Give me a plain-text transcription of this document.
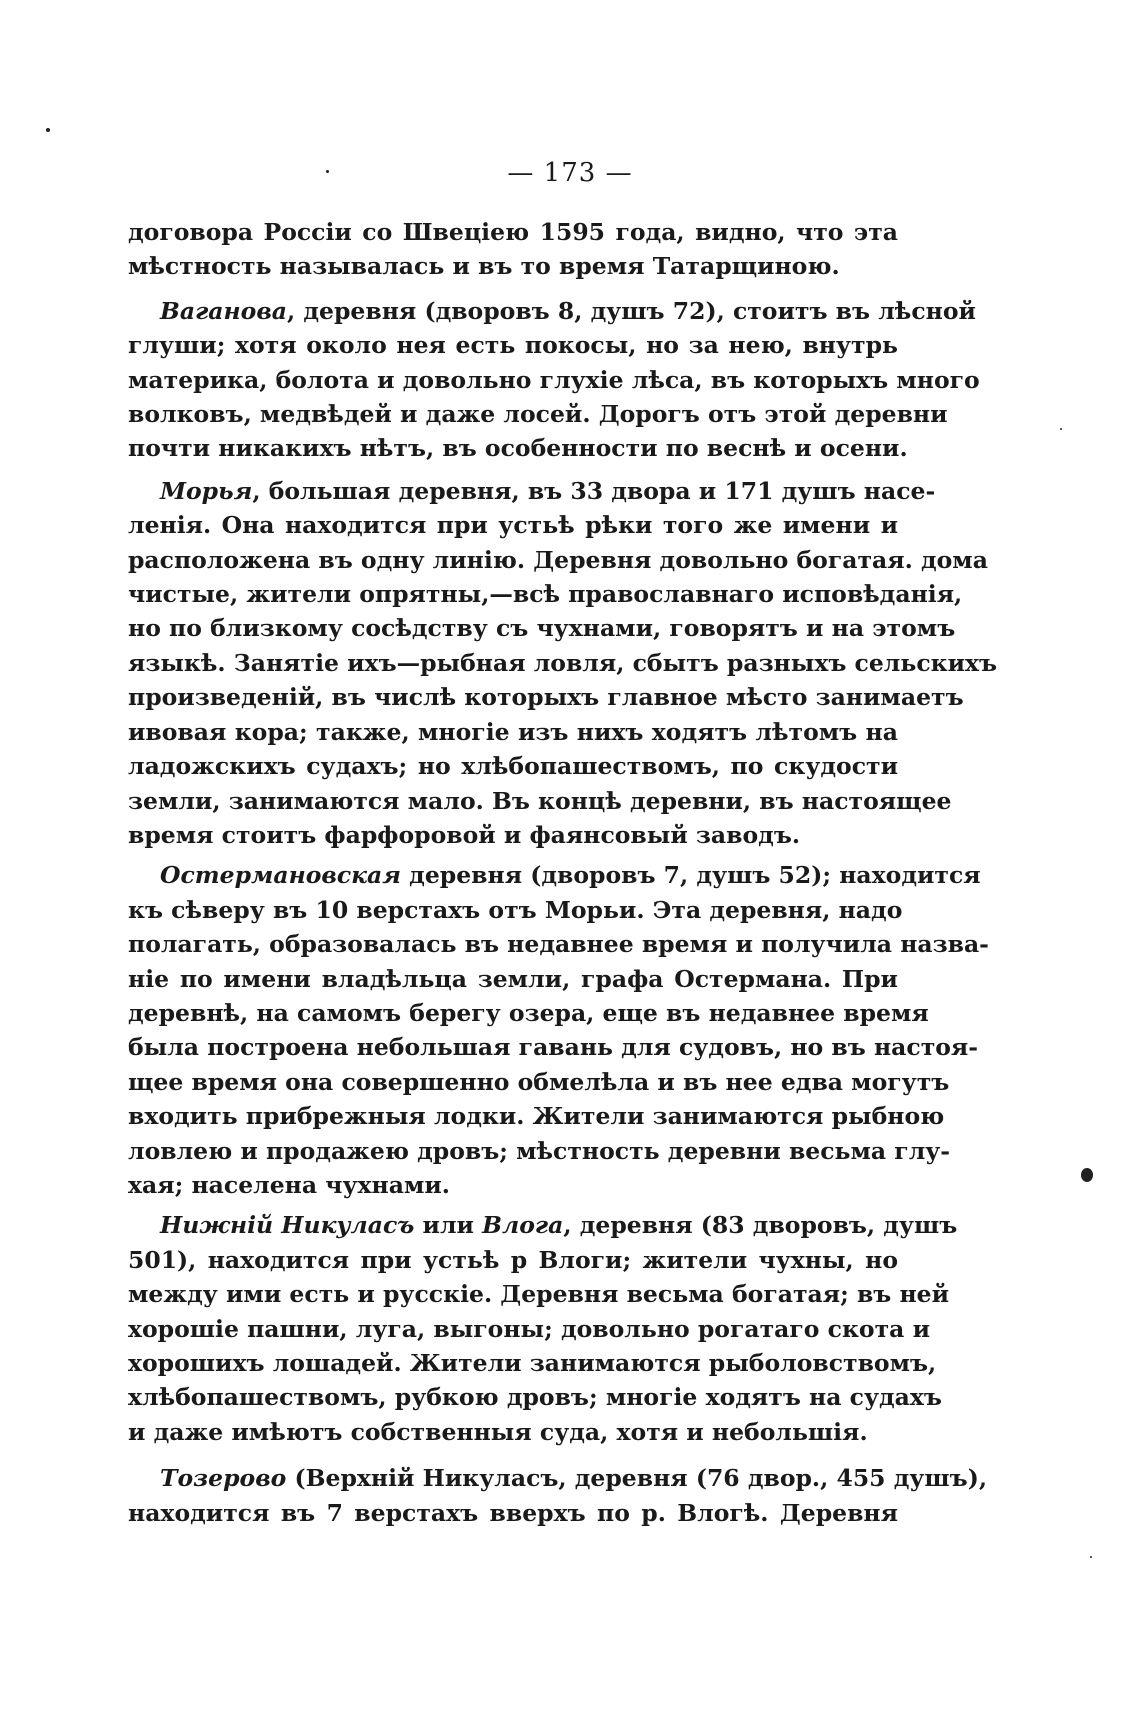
— 173 —

договора Россіи со Швеціею 1595 года, видно, что эта
мѣстность называлась и въ то время Татарщиною.

Ваганова, деревня (дворовъ 8, душъ 72), стоитъ въ лѣсной
глуши; хотя около нея есть покосы, но за нею, внутрь
материка, болота и довольно глухіе лѣса, въ которыхъ много
волковъ, медвѣдей и даже лосей. Дорогъ отъ этой деревни
почти никакихъ нѣтъ, въ особенности по веснѣ и осени.

Морья, большая деревня, въ 33 двора и 171 душъ насе-
ленія. Она находится при устьѣ рѣки того же имени и
расположена въ одну линію. Деревня довольно богатая. дома
чистые, жители опрятны,—всѣ православнаго исповѣданія,
но по близкому сосѣдству съ чухнами, говорятъ и на этомъ
языкѣ. Занятіе ихъ—рыбная ловля, сбытъ разныхъ сельскихъ
произведеній, въ числѣ которыхъ главное мѣсто занимаетъ
ивовая кора; также, многіе изъ нихъ ходятъ лѣтомъ на
ладожскихъ судахъ; но хлѣбопашествомъ, по скудости
земли, занимаются мало. Въ концѣ деревни, въ настоящее
время стоитъ фарфоровой и фаянсовый заводъ.

Остермановская деревня (дворовъ 7, душъ 52); находится
къ сѣверу въ 10 верстахъ отъ Морьи. Эта деревня, надо
полагать, образовалась въ недавнее время и получила назва-
ніе по имени владѣльца земли, графа Остермана. При
деревнѣ, на самомъ берегу озера, еще въ недавнее время
была построена небольшая гавань для судовъ, но въ настоя-
щее время она совершенно обмелѣла и въ нее едва могутъ
входить прибрежныя лодки. Жители занимаются рыбною
ловлею и продажею дровъ; мѣстность деревни весьма глу-
хая; населена чухнами.

Нижній Никуласъ или Влога, деревня (83 дворовъ, душъ
501), находится при устьѣ р Влоги; жители чухны, но
между ими есть и русскіе. Деревня весьма богатая; въ ней
хорошіе пашни, луга, выгоны; довольно рогатаго скота и
хорошихъ лошадей. Жители занимаются рыболовствомъ,
хлѣбопашествомъ, рубкою дровъ; многіе ходятъ на судахъ
и даже имѣютъ собственныя суда, хотя и небольшія.

Тозерово (Верхній Никуласъ, деревня (76 двор., 455 душъ),
находится въ 7 верстахъ вверхъ по р. Влогѣ. Деревня
